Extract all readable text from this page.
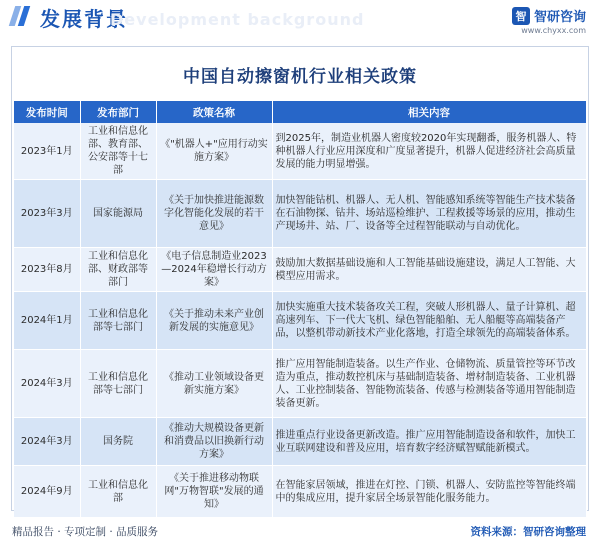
发展背景
Development background	智 智研咨询
www.chyxx.com
中国自动擦窗机行业相关政策
发布时间	发布部门	政策名称	相关内容
2023年1月	工业和信息化部、教育部、公安部等十七部	《"机器人+"应用行动实施方案》	到2025年，制造业机器人密度较2020年实现翻番，服务机器人、特种机器人行业应用深度和广度显著提升，机器人促进经济社会高质量发展的能力明显增强。
2023年3月	国家能源局	《关于加快推进能源数字化智能化发展的若干意见》	加快智能钻机、机器人、无人机、智能感知系统等智能生产技术装备在石油物探、钻井、场站巡检维护、工程救援等场景的应用，推动生产现场井、站、厂、设备等全过程智能联动与自动优化。
2023年8月	工业和信息化部、财政部等部门	《电子信息制造业2023—2024年稳增长行动方案》	鼓励加大数据基础设施和人工智能基础设施建设，满足人工智能、大模型应用需求。
2024年1月	工业和信息化部等七部门	《关于推动未来产业创新发展的实施意见》	加快实施重大技术装备攻关工程，突破人形机器人、量子计算机、超高速列车、下一代大飞机、绿色智能船舶、无人船艇等高端装备产品，以整机带动新技术产业化落地，打造全球领先的高端装备体系。
2024年3月	工业和信息化部等七部门	《推动工业领域设备更新实施方案》	推广应用智能制造装备。以生产作业、仓储物流、质量管控等环节改造为重点，推动数控机床与基础制造装备、增材制造装备、工业机器人、工业控制装备、智能物流装备、传感与检测装备等通用智能制造装备更新。
2024年3月	国务院	《推动大规模设备更新和消费品以旧换新行动方案》	推进重点行业设备更新改造。推广应用智能制造设备和软件，加快工业互联网建设和普及应用，培育数字经济赋智赋能新模式。
2024年9月	工业和信息化部	《关于推进移动物联网"万物智联"发展的通知》	在智能家居领域，推进在灯控、门锁、机器人、安防监控等智能终端中的集成应用，提升家居全场景智能化服务能力。
精品报告 · 专项定制 · 品质服务	资料来源：智研咨询整理
